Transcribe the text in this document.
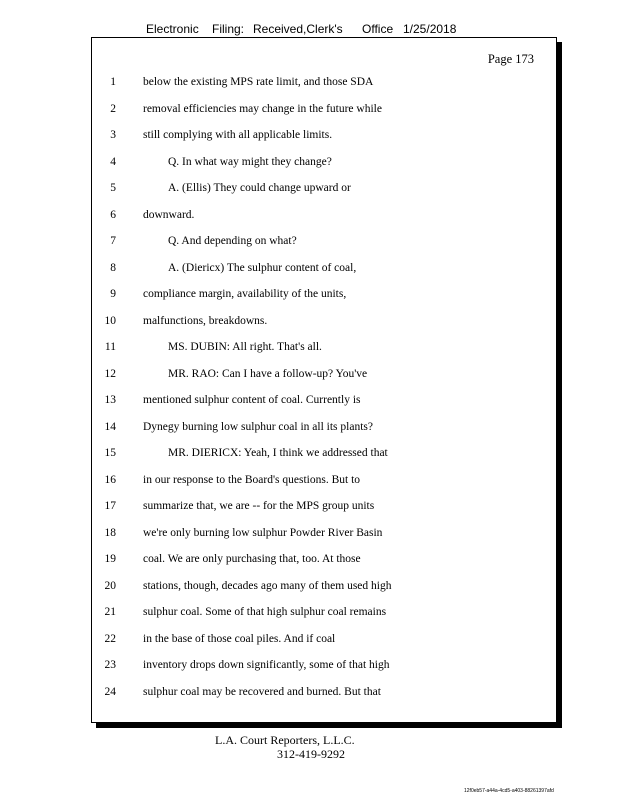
Electronic Filing: Received,Clerk's Office 1/25/2018
Page 173
1 below the existing MPS rate limit, and those SDA
2 removal efficiencies may change in the future while
3 still complying with all applicable limits.
4	Q. In what way might they change?
5	A. (Ellis) They could change upward or
6 downward.
7	Q. And depending on what?
8	A. (Diericx) The sulphur content of coal,
9 compliance margin, availability of the units,
10 malfunctions, breakdowns.
11	MS. DUBIN: All right. That's all.
12	MR. RAO: Can I have a follow-up? You've
13 mentioned sulphur content of coal. Currently is
14 Dynegy burning low sulphur coal in all its plants?
15	MR. DIERICX: Yeah, I think we addressed that
16 in our response to the Board's questions. But to
17 summarize that, we are -- for the MPS group units
18 we're only burning low sulphur Powder River Basin
19 coal. We are only purchasing that, too. At those
20 stations, though, decades ago many of them used high
21 sulphur coal. Some of that high sulphur coal remains
22 in the base of those coal piles. And if coal
23 inventory drops down significantly, some of that high
24 sulphur coal may be recovered and burned. But that
L.A. Court Reporters, L.L.C.
312-419-9292
12f0eb57-a44a-4cd5-a403-88261397afd
